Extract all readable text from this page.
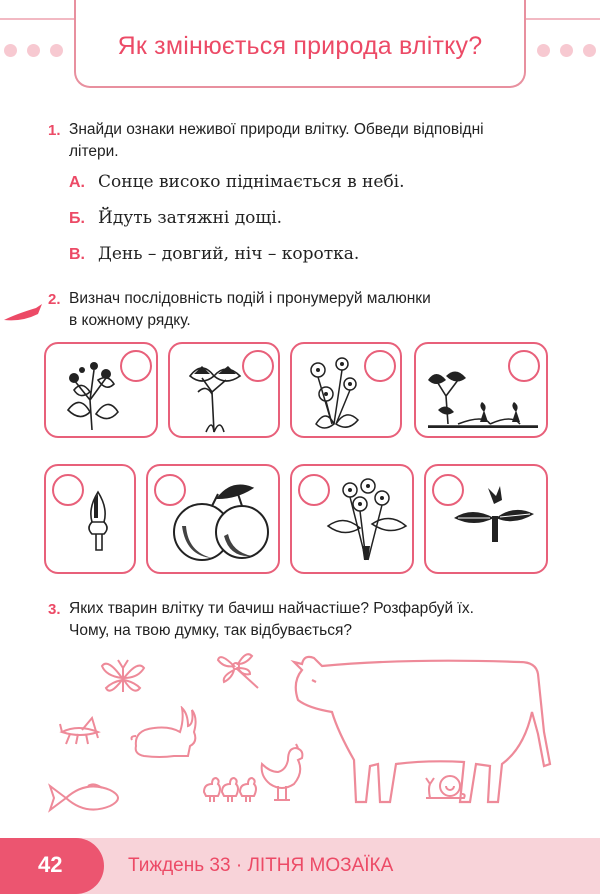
Як змінюється природа влітку?
1. Знайди ознаки неживої природи влітку. Обведи відповідні
літери.
А. Сонце високо піднімається в небі.
Б. Йдуть затяжні дощі.
В. День – довгий, ніч – коротка.
2. Визнач послідовність подій і пронумеруй малюнки
в кожному рядку.
3. Яких тварин влітку ти бачиш найчастіше? Розфарбуй їх.
Чому, на твою думку, так відбувається?
42	Тиждень 33 · ЛІТНЯ МОЗАЇКА
